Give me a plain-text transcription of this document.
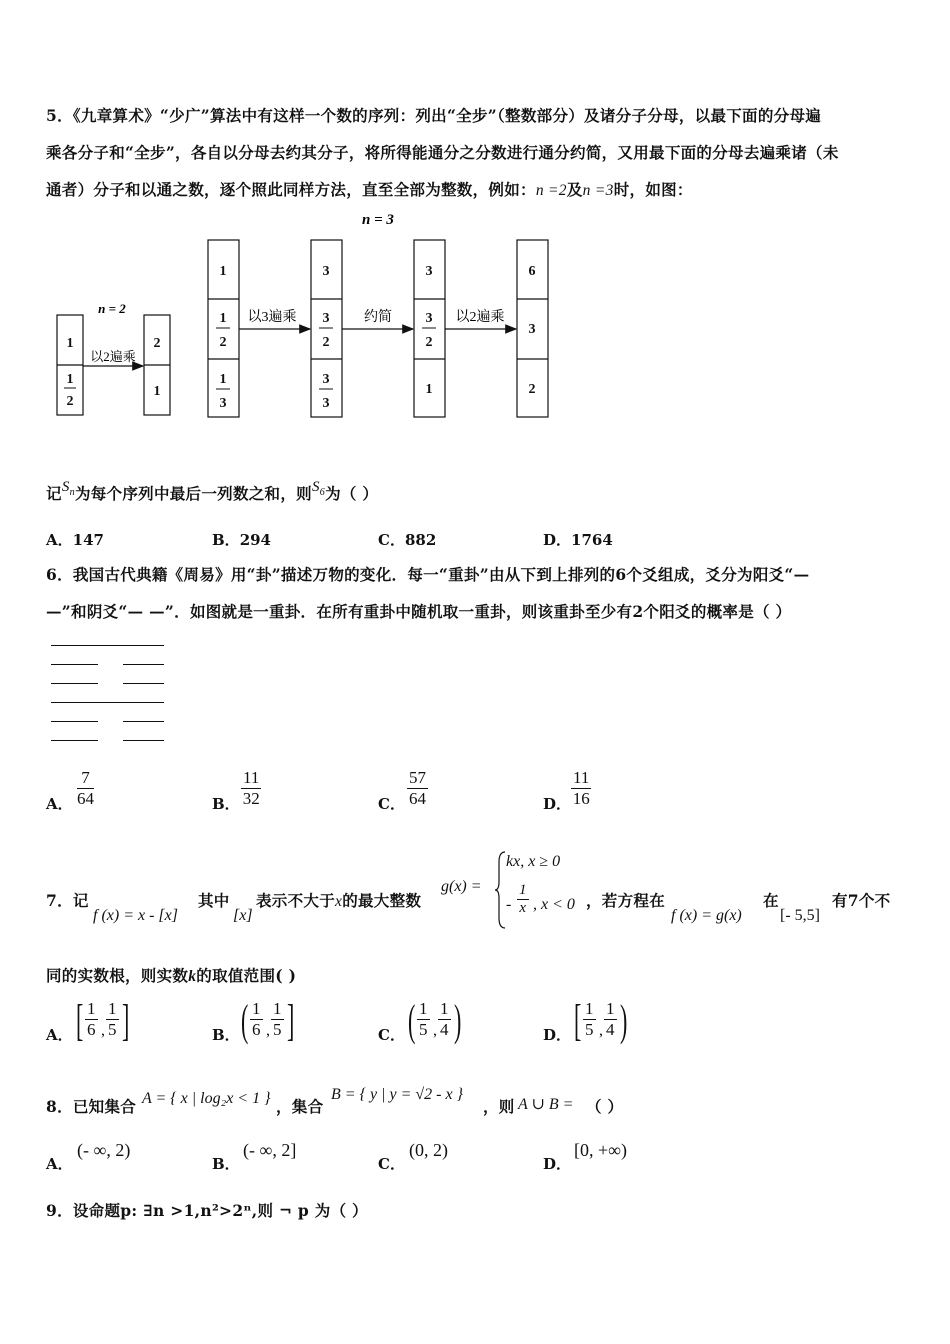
5．《九章算术》“少广”算法中有这样一个数的序列：列出“全步”（整数部分）及诸分子分母，以最下面的分母遍
乘各分子和“全步”，各自以分母去约其分子，将所得能通分之分数进行通分约简，又用最下面的分母去遍乘诸（未
通者）分子和以通之数，逐个照此同样方法，直至全部为整数，例如：n =2及n =3时，如图：
n = 2
n = 3
以2遍乘
以3遍乘	约简	以2遍乘
1
1
2
2
1
1
1
2
1
3
3
3
2
3
3
3
3
2
1
6
3
2
记$S_n$为每个序列中最后一列数之和，则$S_6$为（ ）
A．147	B．294	C．882	D．1764
6．我国古代典籍《周易》用“卦”描述万物的变化．每一“重卦”由从下到上排列的6个爻组成，爻分为阳爻“—
—”和阴爻“— —”．如图就是一重卦．在所有重卦中随机取一重卦，则该重卦至少有2个阳爻的概率是（ ）
A． $\frac{7}{64}$	B． $\frac{11}{32}$	C． $\frac{57}{64}$	D． $\frac{11}{16}$
7．记
f (x) = x - [x]
其中
[x]
表示不大于x的最大整数
g(x) =
kx, x ≥ 0
- $\frac{1}{x}$ , x < 0 ，若方程在
f (x) = g(x)
在
[- 5,5]
有7个不
同的实数根，则实数k的取值范围( )
A． [ $\frac{1}{6}$ , $\frac{1}{5}$ ]	B． ( $\frac{1}{6}$ , $\frac{1}{5}$ ]	C． ( $\frac{1}{5}$ , $\frac{1}{4}$ )	D． [ $\frac{1}{5}$ , $\frac{1}{4}$ )
8．已知集合 A = { x | log₂x < 1 } ，集合
B = { y | y = √2 - x }
，则 A ∪ B = （ ）
A．
(- ∞, 2)
B．
(- ∞, 2]
C．
(0, 2)
D．
[0, +∞)
9．设命题p: ∃n >1,n²>2ⁿ,则 ¬ p 为（ ）
